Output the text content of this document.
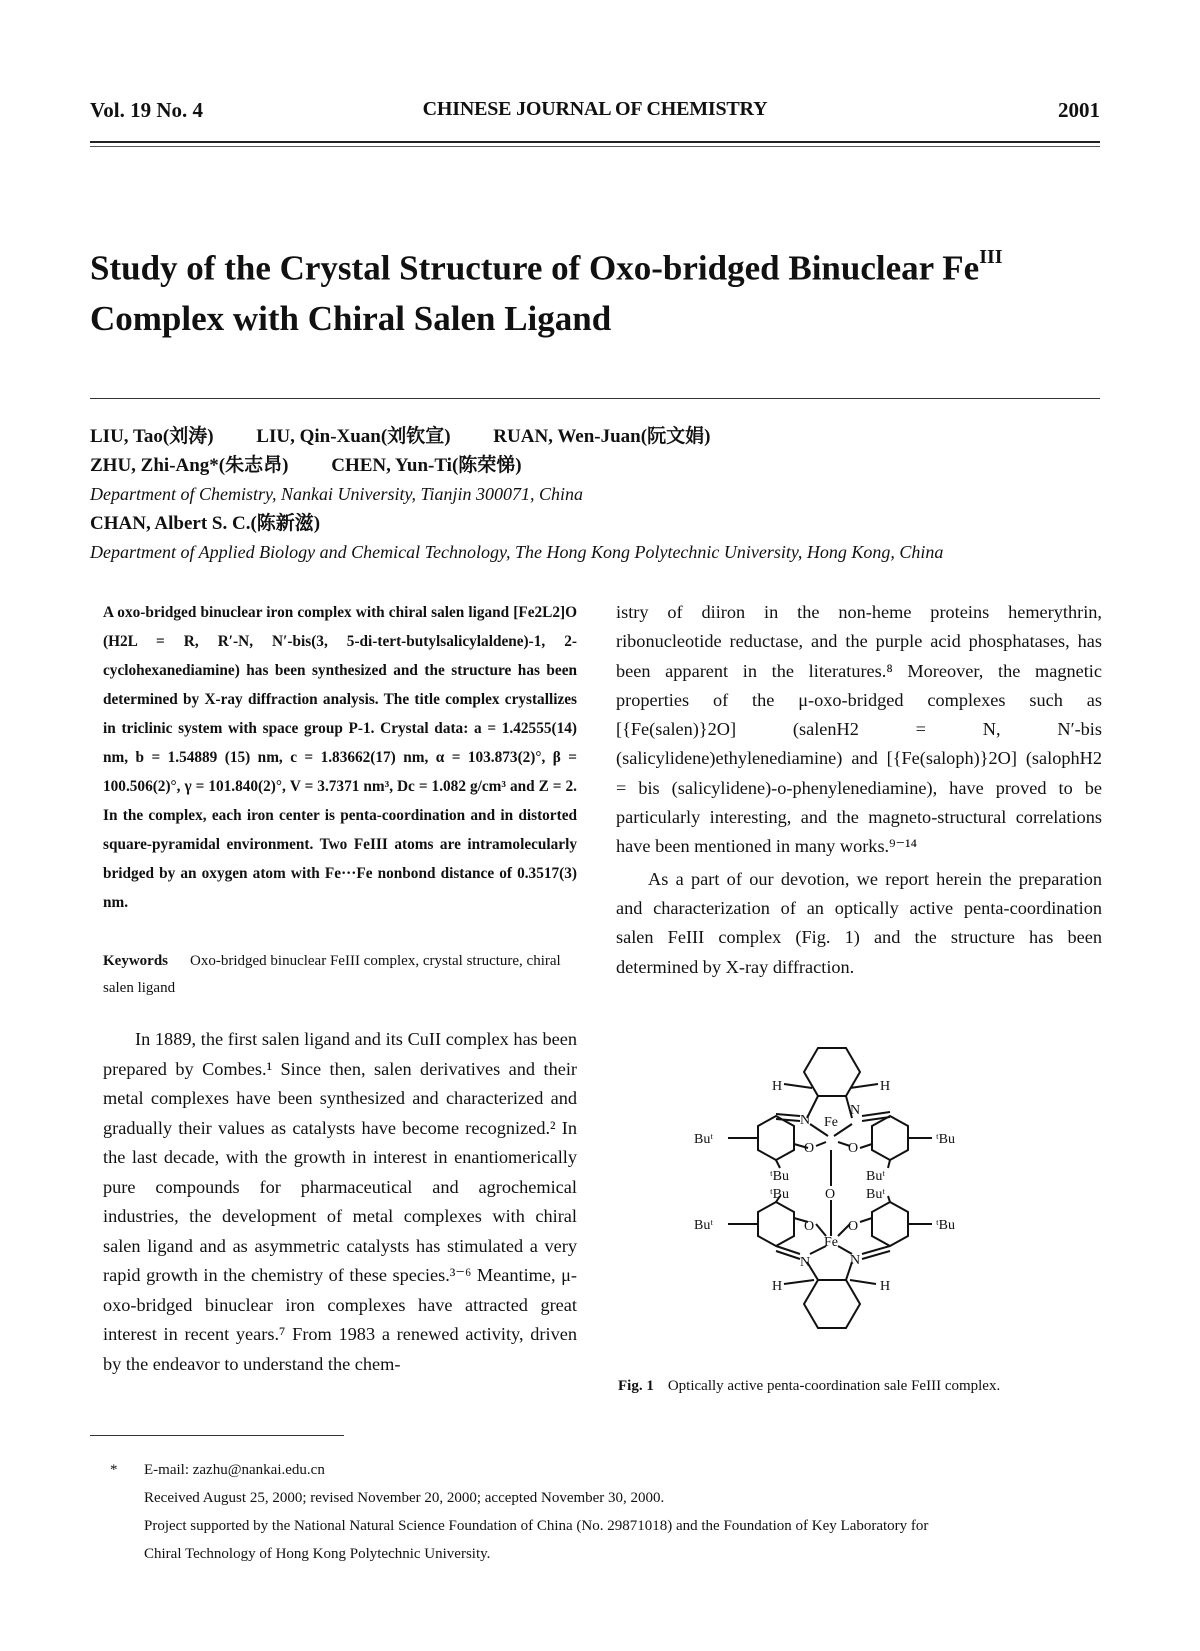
Vol. 19 No. 4	CHINESE JOURNAL OF CHEMISTRY	2001
Study of the Crystal Structure of Oxo-bridged Binuclear $Fe^{III}$
Complex with Chiral Salen Ligand
LIU, Tao(刘涛) LIU, Qin-Xuan(刘钦宣) RUAN, Wen-Juan(阮文娟)
ZHU, Zhi-Ang*(朱志昂) CHEN, Yun-Ti(陈荣悌)
Department of Chemistry, Nankai University, Tianjin 300071, China
CHAN, Albert S. C.(陈新滋)
Department of Applied Biology and Chemical Technology, The Hong Kong Polytechnic University, Hong Kong, China
A oxo-bridged binuclear iron complex with chiral salen ligand [Fe2L2]O (H2L = R, R′-N, N′-bis(3, 5-di-tert-butylsalicylaldene)-1, 2-cyclohexanediamine) has been synthesized and the structure has been determined by X-ray diffraction analysis. The title complex crystallizes in triclinic system with space group P-1. Crystal data: a = 1.42555(14) nm, b = 1.54889 (15) nm, c = 1.83662(17) nm, α = 103.873(2)°, β = 100.506(2)°, γ = 101.840(2)°, V = 3.7371 nm³, Dc = 1.082 g/cm³ and Z = 2. In the complex, each iron center is penta-coordination and in distorted square-pyramidal environment. Two FeIII atoms are intramolecularly bridged by an oxygen atom with Fe···Fe nonbond distance of 0.3517(3) nm.
Keywords Oxo-bridged binuclear FeIII complex, crystal structure, chiral salen ligand

In 1889, the first salen ligand and its CuII complex has been prepared by Combes.¹ Since then, salen derivatives and their metal complexes have been synthesized and characterized and gradually their values as catalysts have become recognized.² In the last decade, with the growth in interest in enantiomerically pure compounds for pharmaceutical and agrochemical industries, the development of metal complexes with chiral salen ligand and as asymmetric catalysts has stimulated a very rapid growth in the chemistry of these species.³⁻⁶ Meantime, μ-oxo-bridged binuclear iron complexes have attracted great interest in recent years.⁷ From 1983 a renewed activity, driven by the endeavor to understand the chem-

istry of diiron in the non-heme proteins hemerythrin, ribonucleotide reductase, and the purple acid phosphatases, has been apparent in the literatures.⁸ Moreover, the magnetic properties of the μ-oxo-bridged complexes such as [{Fe(salen)}2O] (salenH2 = N, N′-bis (salicylidene)ethylenediamine) and [{Fe(saloph)}2O] (salophH2 = bis (salicylidene)-o-phenylenediamine), have proved to be particularly interesting, and the magneto-structural correlations have been mentioned in many works.⁹⁻¹⁴

As a part of our devotion, we report herein the preparation and characterization of an optically active penta-coordination salen FeIII complex (Fig. 1) and the structure has been determined by X-ray diffraction.

Fe
Fe
O
O O
O O
N
N
N	N
H	H
H	H
Buᵗ	ᵗBu
Buᵗ	ᵗBu
ᵗBu	Buᵗ
ᵗBu	Buᵗ
Fig. 1 Optically active penta-coordination sale FeIII complex.

* E-mail: zazhu@nankai.edu.cn

Received August 25, 2000; revised November 20, 2000; accepted November 30, 2000.

Project supported by the National Natural Science Foundation of China (No. 29871018) and the Foundation of Key Laboratory for

Chiral Technology of Hong Kong Polytechnic University.
